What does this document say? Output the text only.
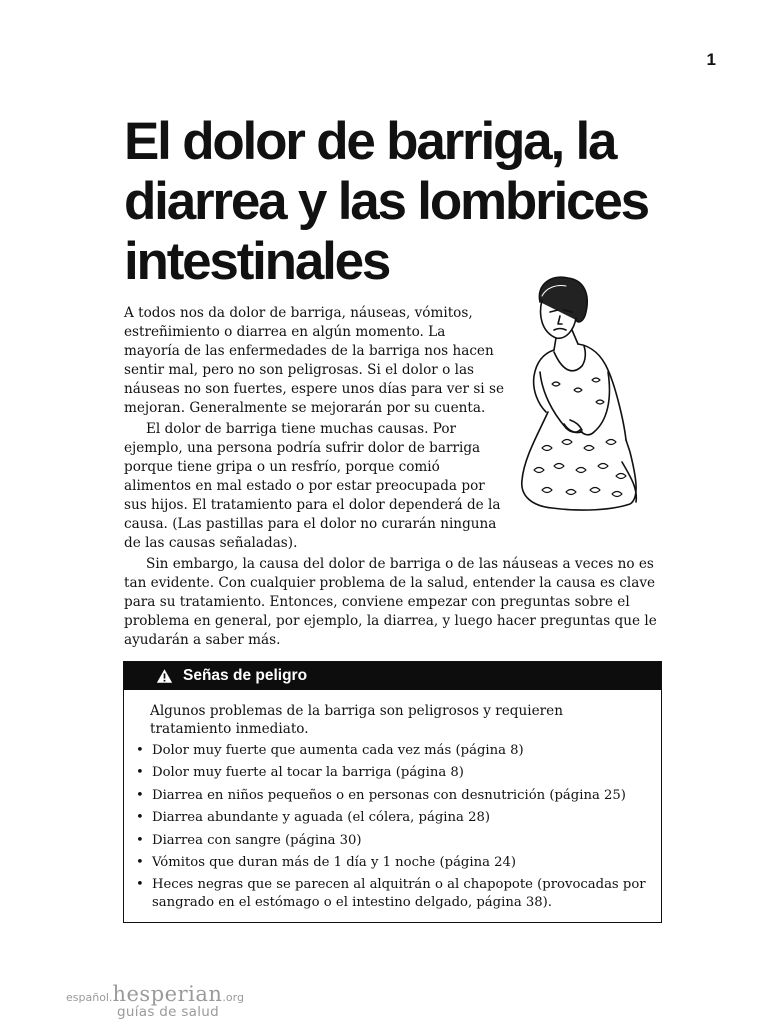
1
El dolor de barriga, la diarrea y las lombrices intestinales

A todos nos da dolor de barriga, náuseas, vómitos, estreñimiento o diarrea en algún momento. La mayoría de las enfermedades de la barriga nos hacen sentir mal, pero no son peligrosas. Si el dolor o las náuseas no son fuertes, espere unos días para ver si se mejoran. Generalmente se mejorarán por su cuenta.

El dolor de barriga tiene muchas causas. Por ejemplo, una persona podría sufrir dolor de barriga porque tiene gripa o un resfrío, porque comió alimentos en mal estado o por estar preocupada por sus hijos. El tratamiento para el dolor dependerá de la causa. (Las pastillas para el dolor no curarán ninguna de las causas señaladas).

Sin embargo, la causa del dolor de barriga o de las náuseas a veces no es tan evidente. Con cualquier problema de la salud, entender la causa es clave para su tratamiento. Entonces, conviene empezar con preguntas sobre el problema en general, por ejemplo, la diarrea, y luego hacer preguntas que le ayudarán a saber más.

Señas de peligro

Algunos problemas de la barriga son peligrosos y requieren tratamiento inmediato.

• Dolor muy fuerte que aumenta cada vez más (página 8)
• Dolor muy fuerte al tocar la barriga (página 8)
• Diarrea en niños pequeños o en personas con desnutrición (página 25)
• Diarrea abundante y aguada (el cólera, página 28)
• Diarrea con sangre (página 30)
• Vómitos que duran más de 1 día y 1 noche (página 24)
• Heces negras que se parecen al alquitrán o al chapopote (provocadas por sangrado en el estómago o el intestino delgado, página 38).
español.hesperian.org
guías de salud
